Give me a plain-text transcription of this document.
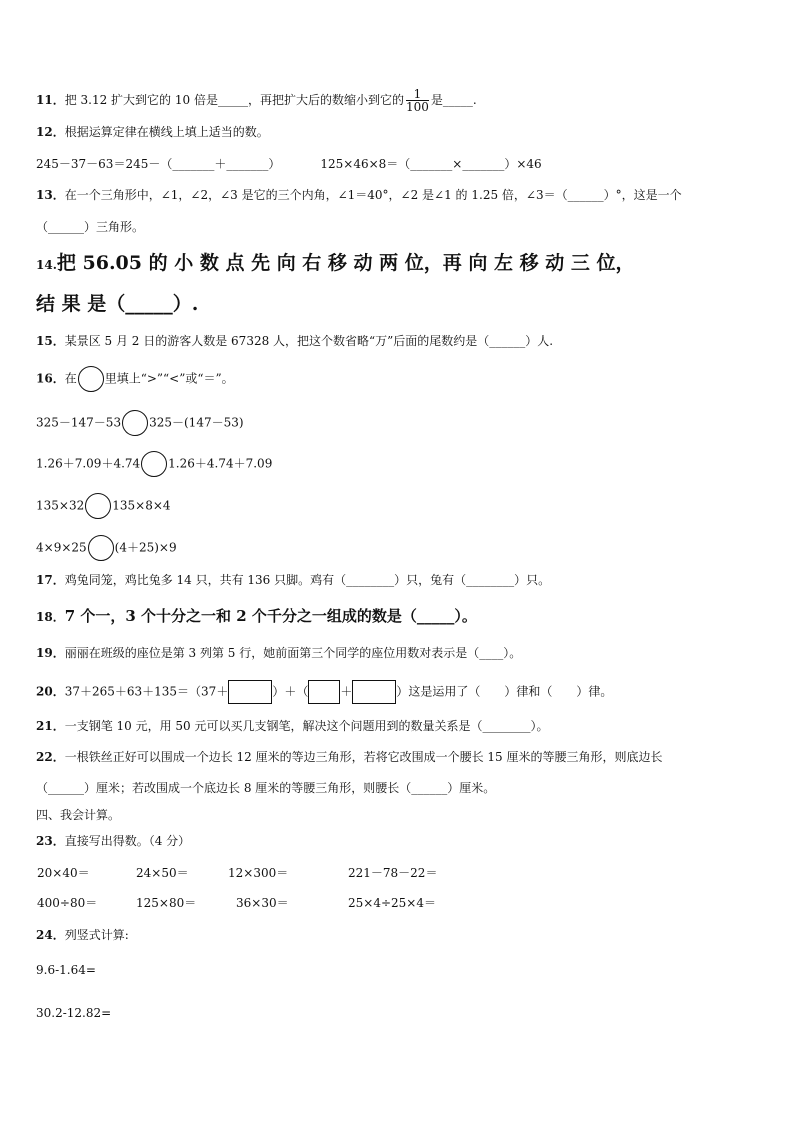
11．把 3.12 扩大到它的 10 倍是_____，再把扩大后的数缩小到它的 $\frac{1}{100}$ 是_____.
12．根据运算定律在横线上填上适当的数。
245－37－63＝245－（_______＋_______）	125×46×8＝（_______×_______）×46
13．在一个三角形中，∠1，∠2，∠3 是它的三个内角，∠1＝40°，∠2 是∠1 的 1.25 倍，∠3＝（______）°，这是一个
（______）三角形。
14.把 56.05 的 小 数 点 先 向 右 移 动 两 位，再 向 左 移 动 三 位，
结 果 是（_____）.
15．某景区 5 月 2 日的游客人数是 67328 人，把这个数省略“万”后面的尾数约是（______）人.
16．在 里填上“>”“<”或“＝”。
325－147－53 325－(147－53)
1.26＋7.09＋4.74 1.26＋4.74＋7.09
135×32 135×8×4
4×9×25 (4＋25)×9
17．鸡兔同笼，鸡比兔多 14 只，共有 136 只脚。鸡有（________）只，兔有（________）只。
18．7 个一，3 个十分之一和 2 个千分之一组成的数是（_____）。
19．丽丽在班级的座位是第 3 列第 5 行，她前面第三个同学的座位用数对表示是（____）。
20．37＋265＋63＋135＝（37＋	）＋（	＋	）这是运用了（　　）律和（　　）律。
21．一支钢笔 10 元，用 50 元可以买几支钢笔，解决这个问题用到的数量关系是（________）。
22．一根铁丝正好可以围成一个边长 12 厘米的等边三角形，若将它改围成一个腰长 15 厘米的等腰三角形，则底边长
（______）厘米；若改围成一个底边长 8 厘米的等腰三角形，则腰长（______）厘米。
四、我会计算。
23．直接写出得数。（4 分）
20×40＝	24×50＝	12×300＝	221－78－22＝
400÷80＝	125×80＝	36×30＝	25×4÷25×4＝
24．列竖式计算:
9.6-1.64=
30.2-12.82=
